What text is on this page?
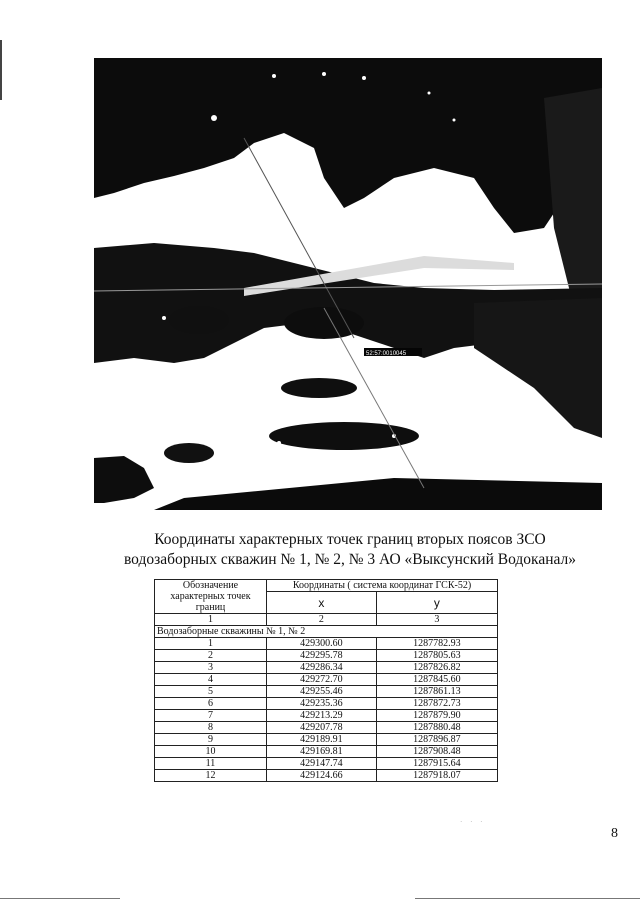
52:57:0010045
Координаты характерных точек границ вторых поясов ЗСО
водозаборных скважин № 1, № 2, № 3 АО «Выксунский Водоканал»
Обозначение характерных точек границ	Координаты ( система координат ГСК-52)	
	x	y
1	2	3
Водозаборные скважины № 1, № 2		
1	429300.60	1287782.93
2	429295.78	1287805.63
3	429286.34	1287826.82
4	429272.70	1287845.60
5	429255.46	1287861.13
6	429235.36	1287872.73
7	429213.29	1287879.90
8	429207.78	1287880.48
9	429189.91	1287896.87
10	429169.81	1287908.48
11	429147.74	1287915.64
12	429124.66	1287918.07
· · ·
8
